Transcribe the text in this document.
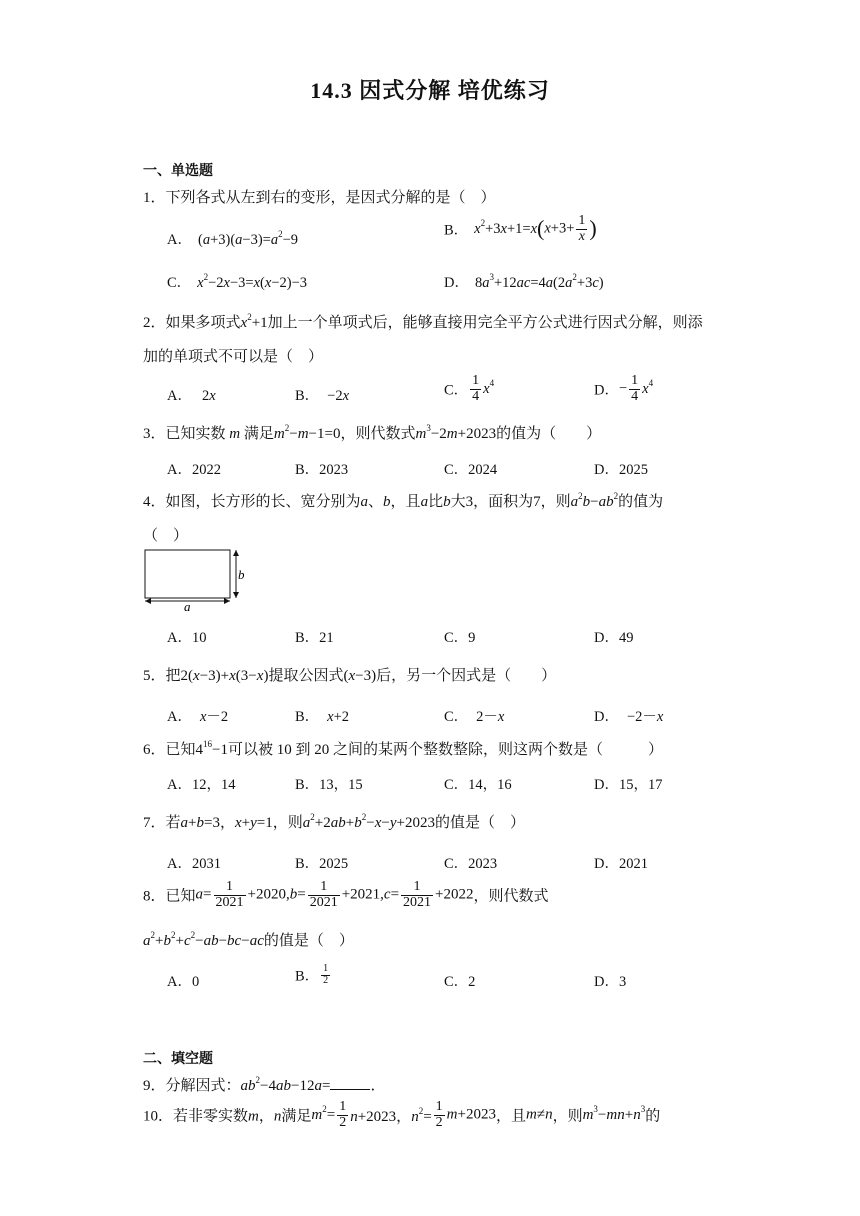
14.3 因式分解 培优练习
一、单选题
1．下列各式从左到右的变形，是因式分解的是（　）
A． $(a+3)(a-3)=a^2-9$
B． $x^2+3x+1=x(x+3+ \frac{1}{x}$ )
C． $x^2-2x-3=x(x-2)-3$	D． $8a^3+12ac=4a(2a^2+3c)$
2．如果多项式$x^2+1$加上一个单项式后，能够直接用完全平方公式进行因式分解，则添
加的单项式不可以是（　）
A． 2x	B． −2x	C． $\frac{1}{4} x^4$	D．− $\frac{1}{4} x^4$
3．已知实数 m 满足$m^2-m-1=0$，则代数式$m^3-2m+2023$的值为（　　）
A．2022	B．2023	C．2024	D．2025
4．如图，长方形的长、宽分别为a、b，且a比b大3，面积为7，则$a^2b-ab^2$的值为
（　）
b
a
A．10	B．21	C．9	D．49
5．把2(x−3)+x(3−x)提取公因式(x−3)后，另一个因式是（　　）
A． x－2	B． x+2	C． 2－x	D． −2－x
6．已知$4^{16}-1$可以被 10 到 20 之间的某两个整数整除，则这两个数是（　　　）
A．12，14	B．13，15	C．14，16	D．15，17
7．若a+b=3，x+y=1，则$a^2+2ab+b^2-x-y+2023$的值是（　）
A．2031	B．2025	C．2023	D．2021
8．已知$a= \frac{1}{2021} +2020,b= \frac{1}{2021} +2021,c= \frac{1}{2021} +2022$，则代数式
$a^2+b^2+c^2-ab-bc-ac$的值是（　）
A．0	B． $\frac{1}{2}$	C．2	D．3
二、填空题
9．分解因式：$ab^2-4ab-12a=$	．
10．若非零实数m，n满足$m^2= \frac{1}{2} n+2023$，$n^2= \frac{1}{2} m+2023$，且m≠n，则$m^3-mn+n^3$的
